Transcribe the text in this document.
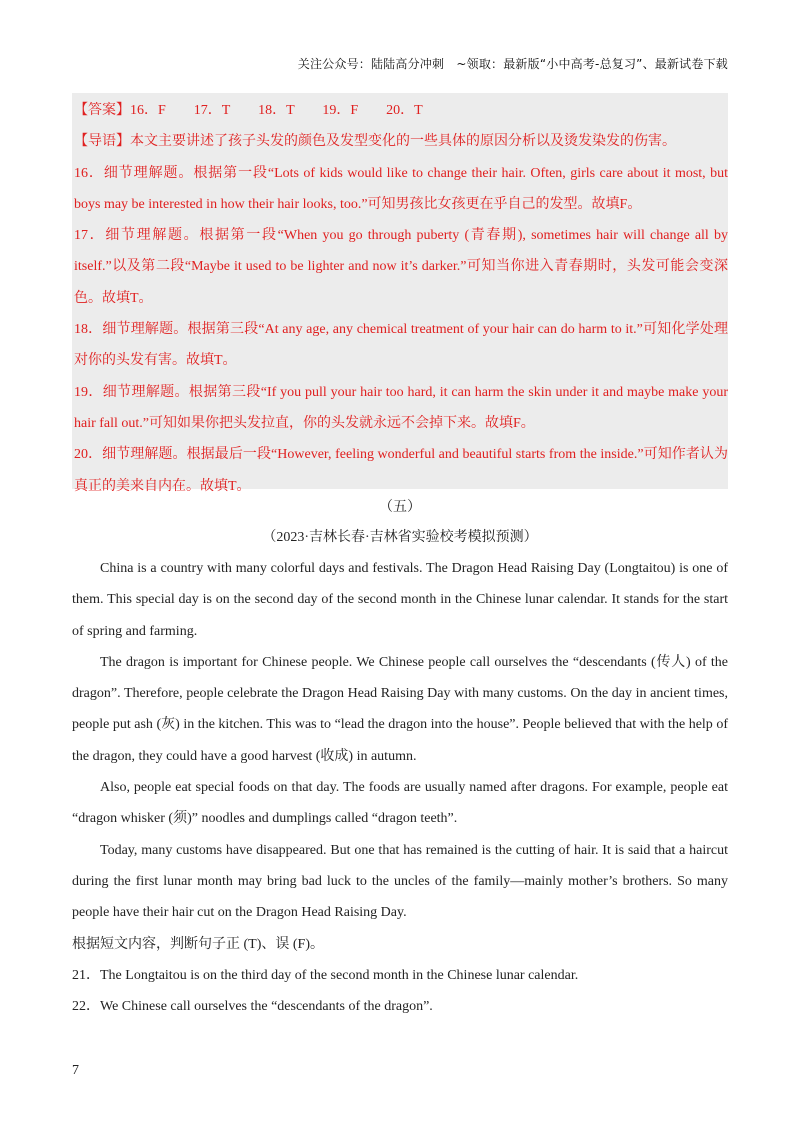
关注公众号：陆陆高分冲刺　~领取：最新版“小中高考-总复习”、最新试卷下载

【答案】16．F　　17．T　　18．T　　19．F　　20．T

【导语】本文主要讲述了孩子头发的颜色及发型变化的一些具体的原因分析以及烫发染发的伤害。

16．细节理解题。根据第一段“Lots of kids would like to change their hair. Often, girls care about it most, but boys may be interested in how their hair looks, too.”可知男孩比女孩更在乎自己的发型。故填F。

17．细节理解题。根据第一段“When you go through puberty (青春期), sometimes hair will change all by itself.”以及第二段“Maybe it used to be lighter and now it’s darker.”可知当你进入青春期时，头发可能会变深色。故填T。

18．细节理解题。根据第三段“At any age, any chemical treatment of your hair can do harm to it.”可知化学处理对你的头发有害。故填T。

19．细节理解题。根据第三段“If you pull your hair too hard, it can harm the skin under it and maybe make your hair fall out.”可知如果你把头发拉直，你的头发就永远不会掉下来。故填F。

20．细节理解题。根据最后一段“However, feeling wonderful and beautiful starts from the inside.”可知作者认为真正的美来自内在。故填T。

（五）
（2023·吉林长春·吉林省实验校考模拟预测）

China is a country with many colorful days and festivals. The Dragon Head Raising Day (Longtaitou) is one of them. This special day is on the second day of the second month in the Chinese lunar calendar. It stands for the start of spring and farming.

The dragon is important for Chinese people. We Chinese people call ourselves the “descendants (传人) of the dragon”. Therefore, people celebrate the Dragon Head Raising Day with many customs. On the day in ancient times, people put ash (灰) in the kitchen. This was to “lead the dragon into the house”. People believed that with the help of the dragon, they could have a good harvest (收成) in autumn.

Also, people eat special foods on that day. The foods are usually named after dragons. For example, people eat “dragon whisker (须)” noodles and dumplings called “dragon teeth”.

Today, many customs have disappeared. But one that has remained is the cutting of hair. It is said that a haircut during the first lunar month may bring bad luck to the uncles of the family—mainly mother’s brothers. So many people have their hair cut on the Dragon Head Raising Day.

根据短文内容，判断句子正 (T)、误 (F)。

21．The Longtaitou is on the third day of the second month in the Chinese lunar calendar.

22．We Chinese call ourselves the “descendants of the dragon”.

7
